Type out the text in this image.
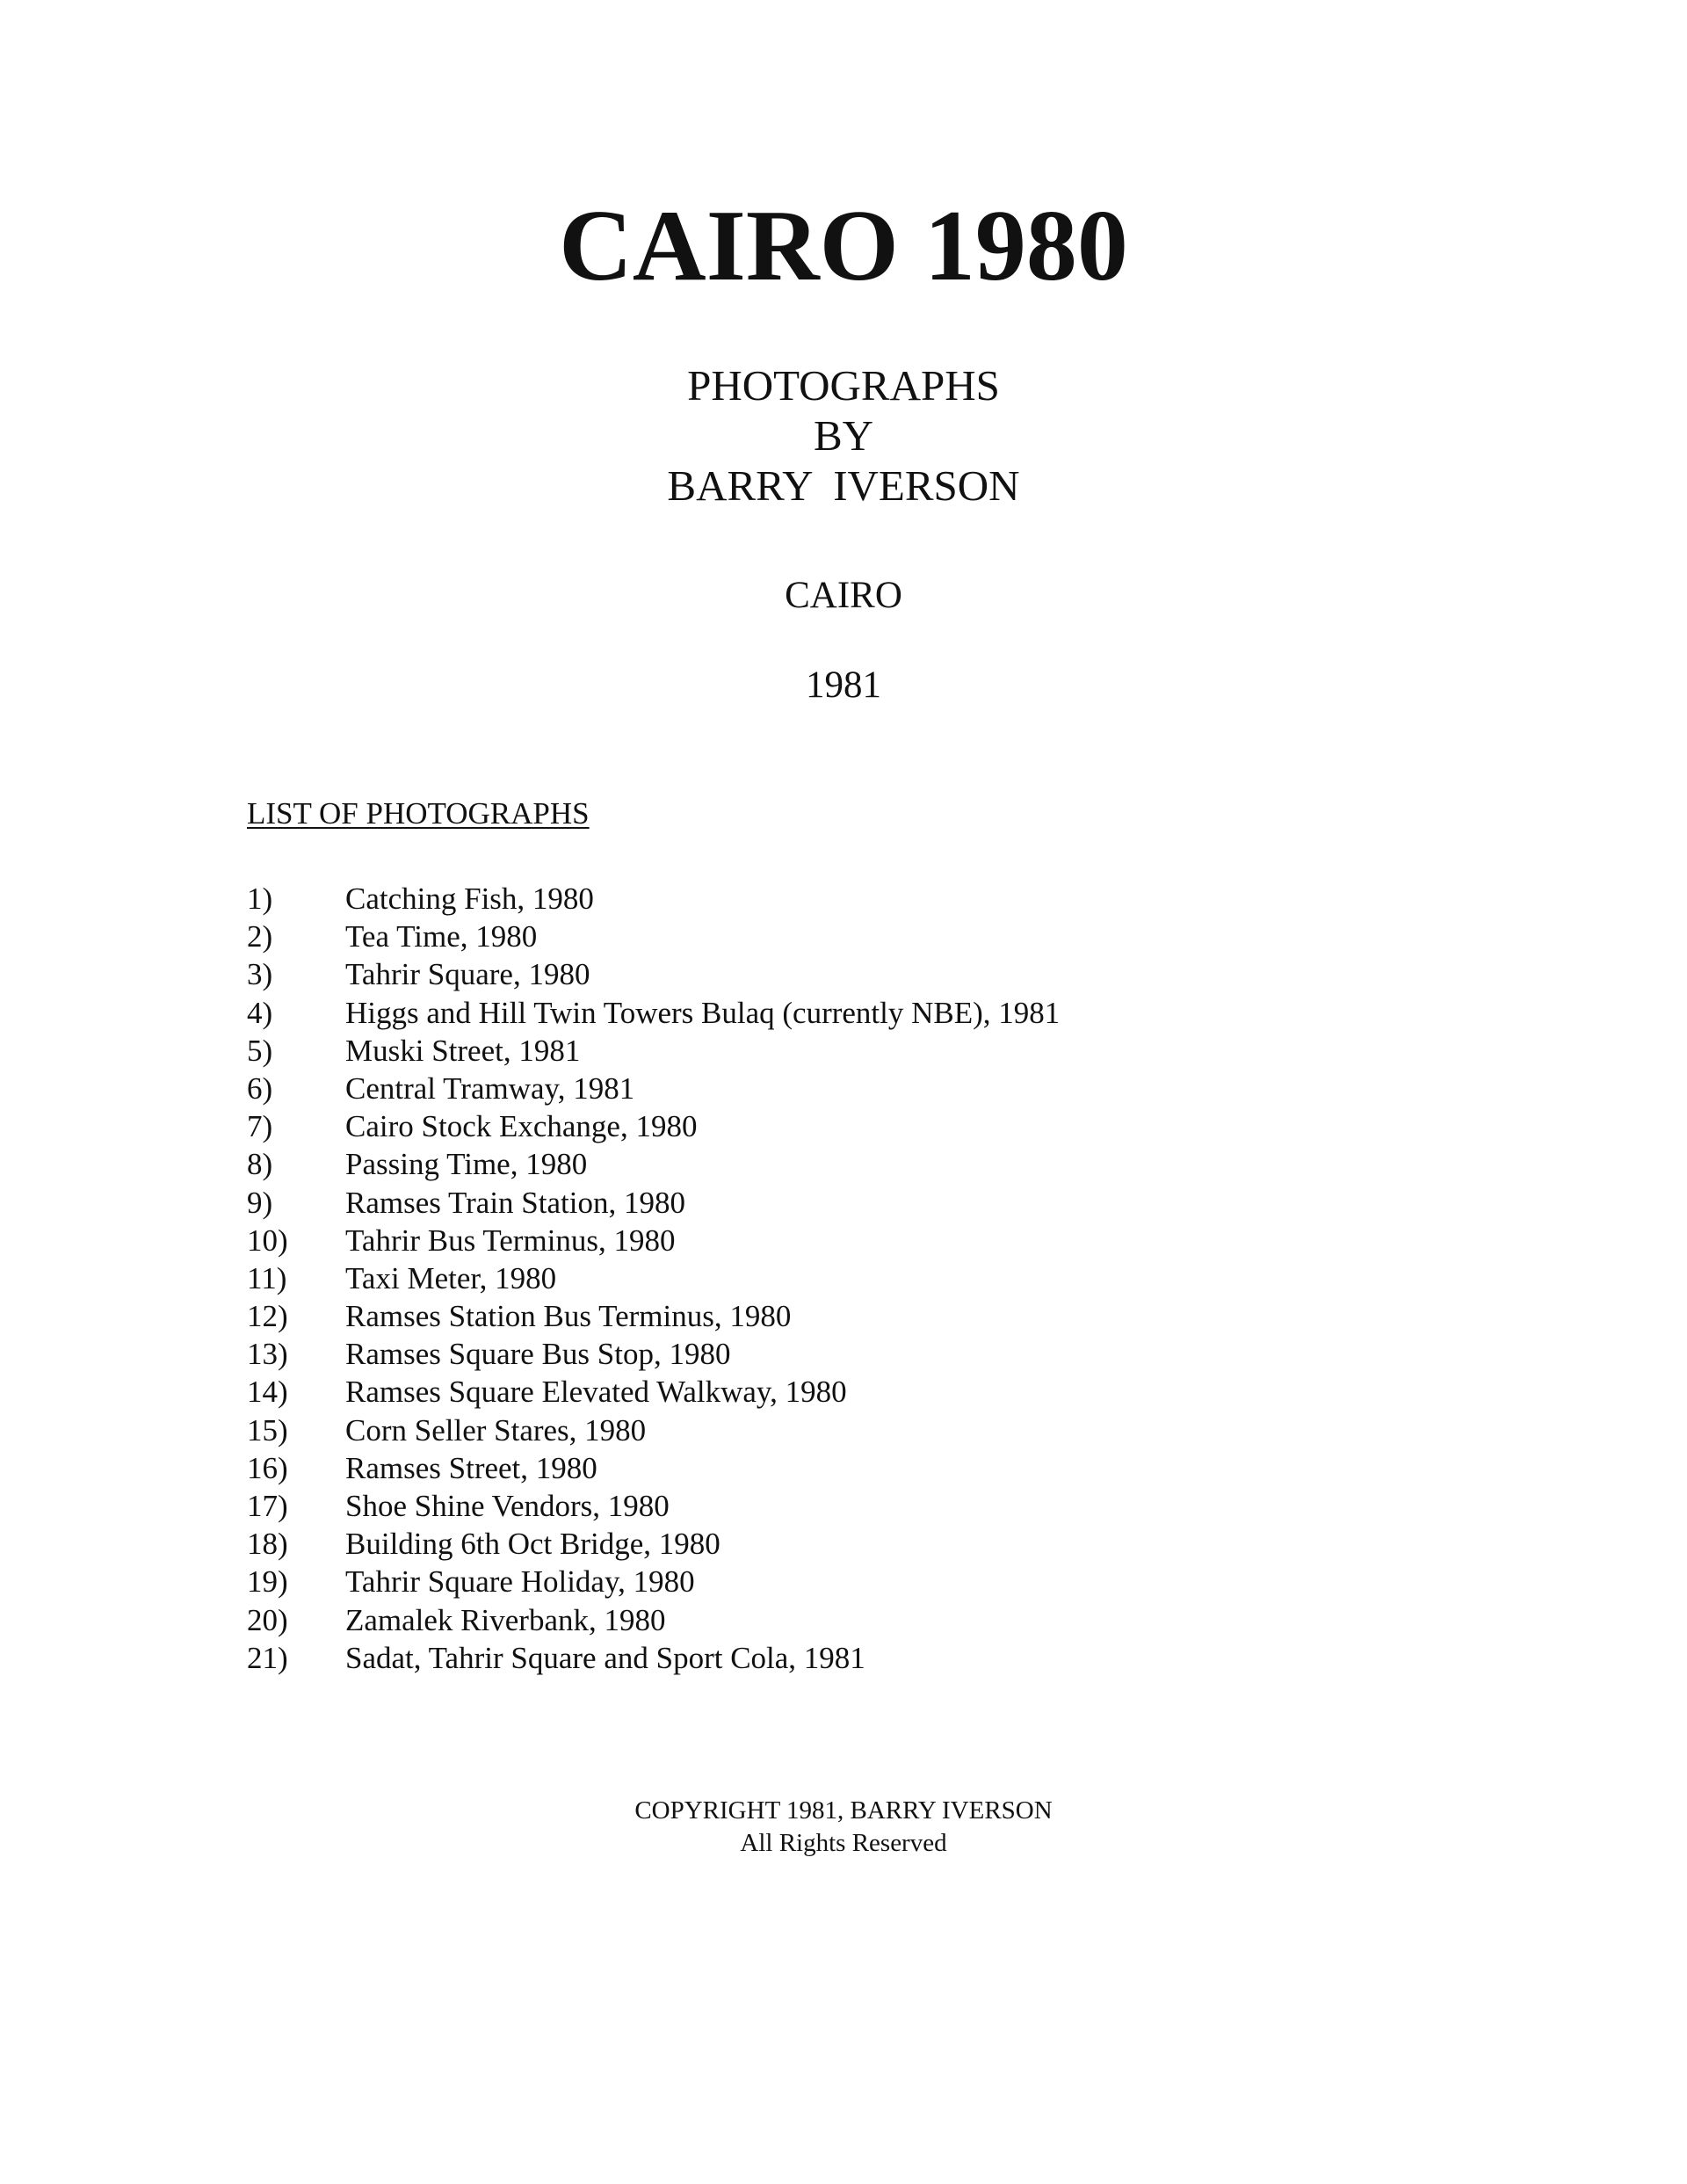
CAIRO 1980
PHOTOGRAPHS
BY
BARRY  IVERSON
CAIRO
1981
LIST OF PHOTOGRAPHS
1) Catching Fish, 1980
2) Tea Time, 1980
3) Tahrir Square, 1980
4) Higgs and Hill Twin Towers Bulaq (currently NBE), 1981
5) Muski Street, 1981
6) Central Tramway, 1981
7) Cairo Stock Exchange, 1980
8) Passing Time, 1980
9) Ramses Train Station, 1980
10) Tahrir Bus Terminus, 1980
11) Taxi Meter, 1980
12) Ramses Station Bus Terminus, 1980
13) Ramses Square Bus Stop, 1980
14) Ramses Square Elevated Walkway, 1980
15) Corn Seller Stares, 1980
16) Ramses Street, 1980
17) Shoe Shine Vendors, 1980
18) Building 6th Oct Bridge, 1980
19) Tahrir Square Holiday, 1980
20) Zamalek Riverbank, 1980
21) Sadat, Tahrir Square and Sport Cola, 1981
COPYRIGHT 1981, BARRY IVERSON
All Rights Reserved
